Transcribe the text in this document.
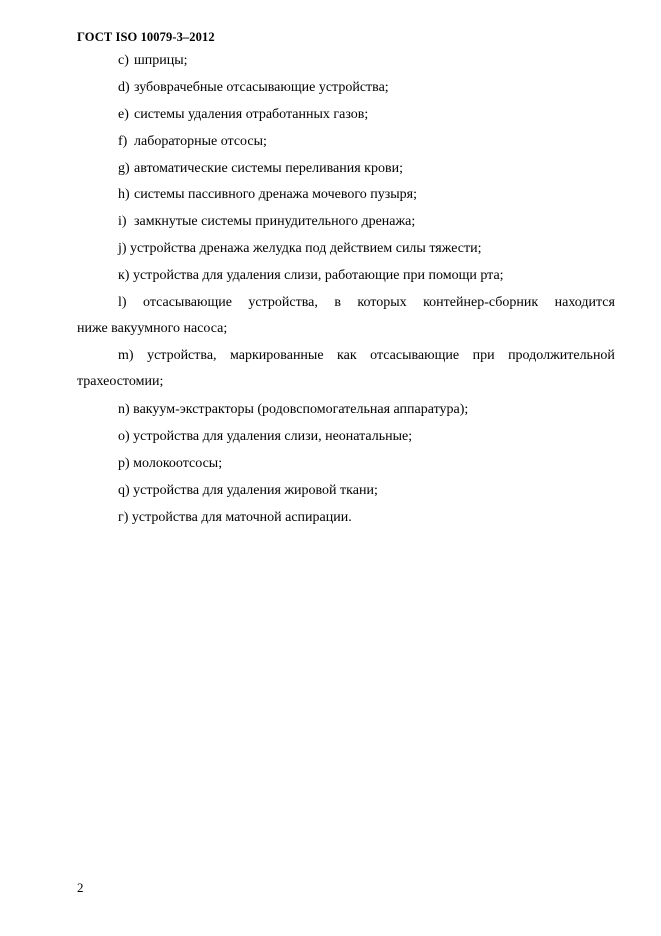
ГОСТ ISO 10079-3–2012
c) шприцы;
d) зубоврачебные отсасывающие устройства;
e) системы удаления отработанных газов;
f) лабораторные отсосы;
g) автоматические системы переливания крови;
h) системы пассивного дренажа мочевого пузыря;
i) замкнутые системы принудительного дренажа;
j) устройства дренажа желудка под действием силы тяжести;
к) устройства для удаления слизи, работающие при помощи рта;
l) отсасывающие устройства, в которых контейнер-сборник находится
ниже вакуумного насоса;
m) устройства, маркированные как отсасывающие при продолжительной
трахеостомии;
n) вакуум-экстракторы (родовспомогательная аппаратура);
o) устройства для удаления слизи, неонатальные;
p) молокоотсосы;
q) устройства для удаления жировой ткани;
г) устройства для маточной аспирации.
2
